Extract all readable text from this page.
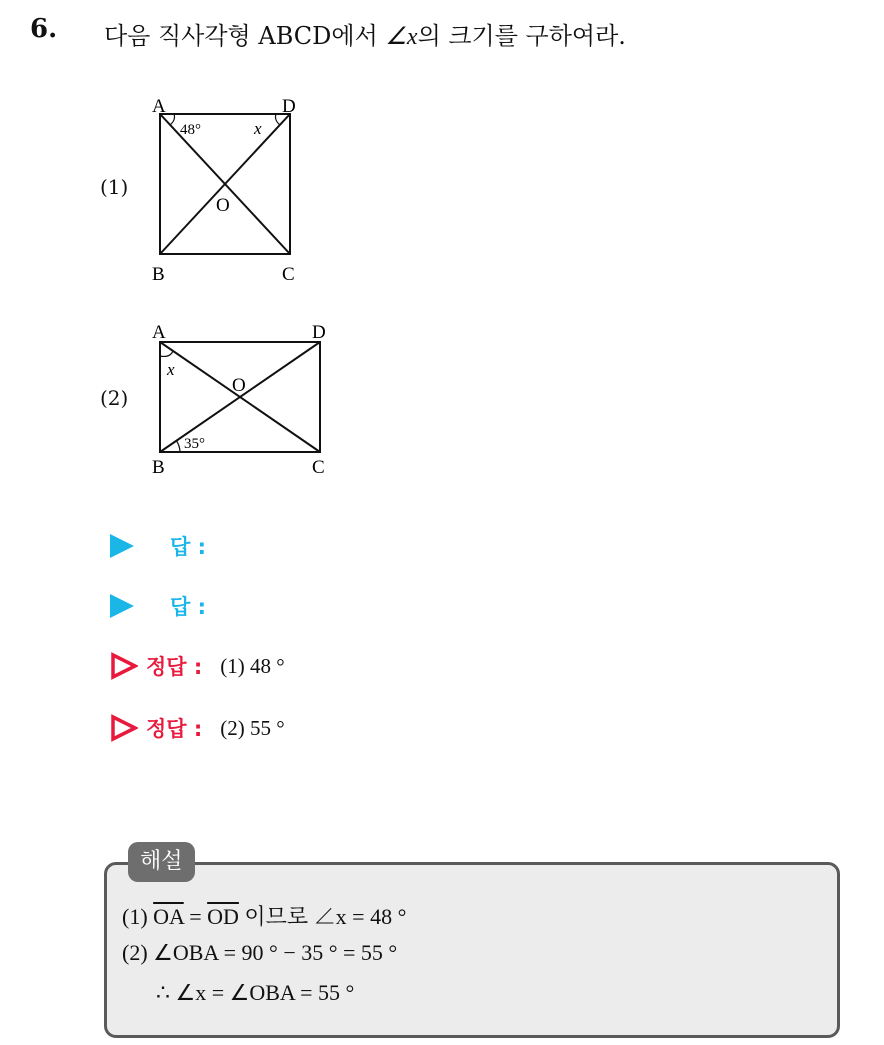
6. 다음 직사각형 ABCD에서 ∠x의 크기를 구하여라.
(1)
A	D
B	C
O
48°	x
(2)
A	D
B	C
O
x
35°
답 :
답 :
정답 : (1) 48 °
정답 : (2) 55 °
해설
(1) $\overline{OA} = \overline{OD}$ 이므로 ∠x = 48 °
(2) ∠OBA = 90 ° − 35 ° = 55 °
∴ ∠x = ∠OBA = 55 °
